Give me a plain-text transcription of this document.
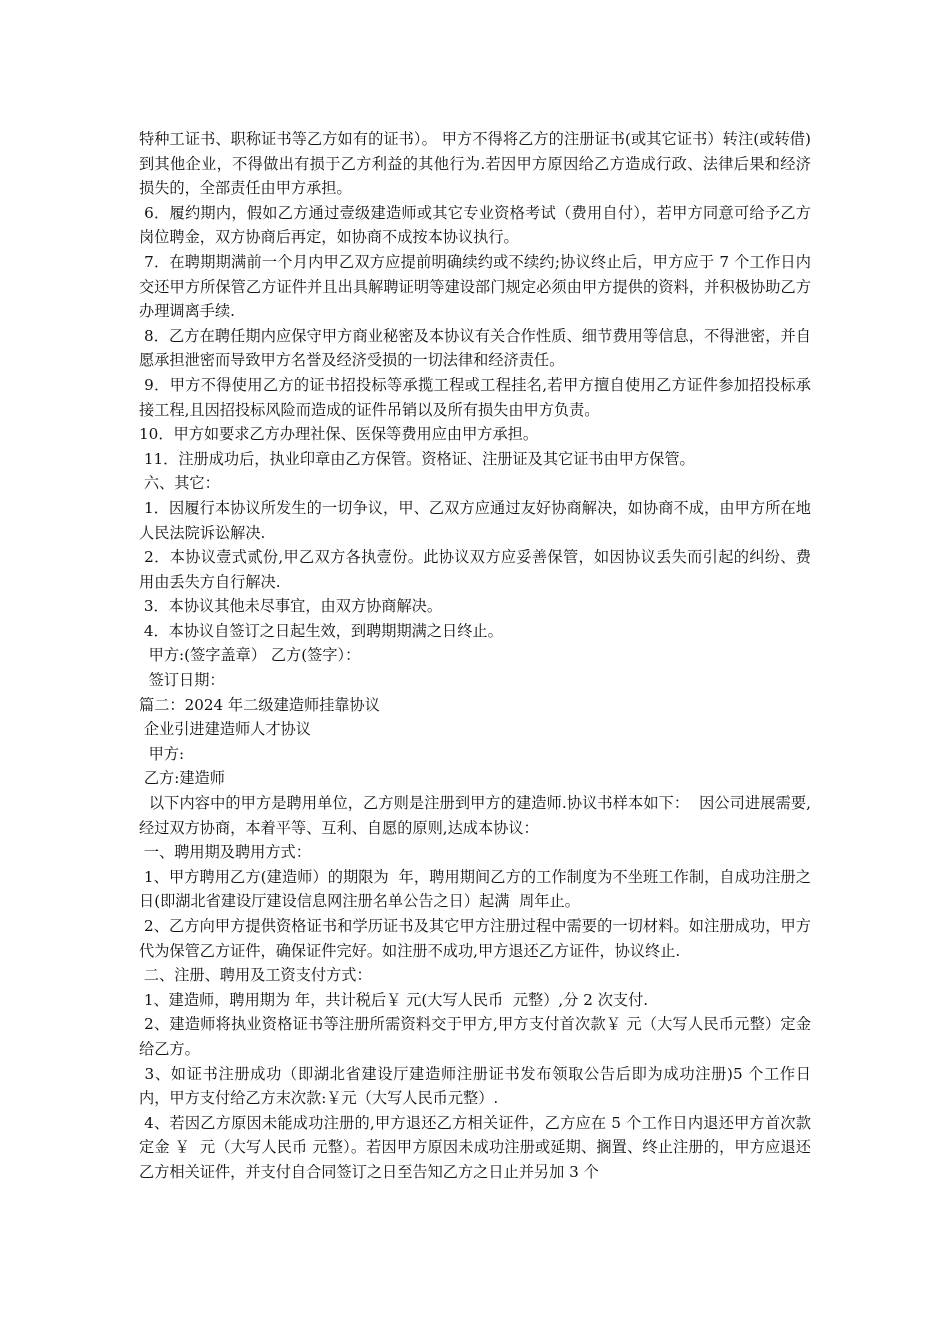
特种工证书、职称证书等乙方如有的证书）。 甲方不得将乙方的注册证书(或其它证书）转注(或转借)到其他企业，不得做出有损于乙方利益的其他行为.若因甲方原因给乙方造成行政、法律后果和经济损失的，全部责任由甲方承担。

6．履约期内，假如乙方通过壹级建造师或其它专业资格考试（费用自付），若甲方同意可给予乙方岗位聘金，双方协商后再定，如协商不成按本协议执行。

7．在聘期期满前一个月内甲乙双方应提前明确续约或不续约;协议终止后，甲方应于 7 个工作日内交还甲方所保管乙方证件并且出具解聘证明等建设部门规定必须由甲方提供的资料，并积极协助乙方办理调离手续.

8．乙方在聘任期内应保守甲方商业秘密及本协议有关合作性质、细节费用等信息，不得泄密，并自愿承担泄密而导致甲方名誉及经济受损的一切法律和经济责任。

9．甲方不得使用乙方的证书招投标等承揽工程或工程挂名,若甲方擅自使用乙方证件参加招投标承接工程,且因招投标风险而造成的证件吊销以及所有损失由甲方负责。

10．甲方如要求乙方办理社保、医保等费用应由甲方承担。

11．注册成功后，执业印章由乙方保管。资格证、注册证及其它证书由甲方保管。

六、其它：

1．因履行本协议所发生的一切争议，甲、乙双方应通过友好协商解决，如协商不成，由甲方所在地人民法院诉讼解决.

2．本协议壹式贰份,甲乙双方各执壹份。此协议双方应妥善保管，如因协议丢失而引起的纠纷、费用由丢失方自行解决.

3．本协议其他未尽事宜，由双方协商解决。

4．本协议自签订之日起生效，到聘期期满之日终止。

甲方:(签字盖章） 乙方(签字）：

签订日期：

篇二：2024 年二级建造师挂靠协议

企业引进建造师人才协议

甲方:

乙方:建造师

以下内容中的甲方是聘用单位，乙方则是注册到甲方的建造师.协议书样本如下：  因公司进展需要,经过双方协商，本着平等、互利、自愿的原则,达成本协议：

一、聘用期及聘用方式：

1、甲方聘用乙方(建造师）的期限为  年，聘用期间乙方的工作制度为不坐班工作制，自成功注册之日(即湖北省建设厅建设信息网注册名单公告之日）起满  周年止。

2、乙方向甲方提供资格证书和学历证书及其它甲方注册过程中需要的一切材料。如注册成功，甲方代为保管乙方证件，确保证件完好。如注册不成功,甲方退还乙方证件，协议终止.

二、注册、聘用及工资支付方式：

1、建造师，聘用期为 年，共计税后￥ 元(大写人民币  元整）,分 2 次支付.

2、建造师将执业资格证书等注册所需资料交于甲方,甲方支付首次款￥ 元（大写人民币元整）定金给乙方。

3、如证书注册成功（即湖北省建设厅建造师注册证书发布领取公告后即为成功注册)5 个工作日内，甲方支付给乙方末次款:￥元（大写人民币元整）.

4、若因乙方原因未能成功注册的,甲方退还乙方相关证件，乙方应在 5 个工作日内退还甲方首次款定金 ￥  元（大写人民币 元整）。若因甲方原因未成功注册或延期、搁置、终止注册的，甲方应退还乙方相关证件，并支付自合同签订之日至告知乙方之日止并另加 3 个
